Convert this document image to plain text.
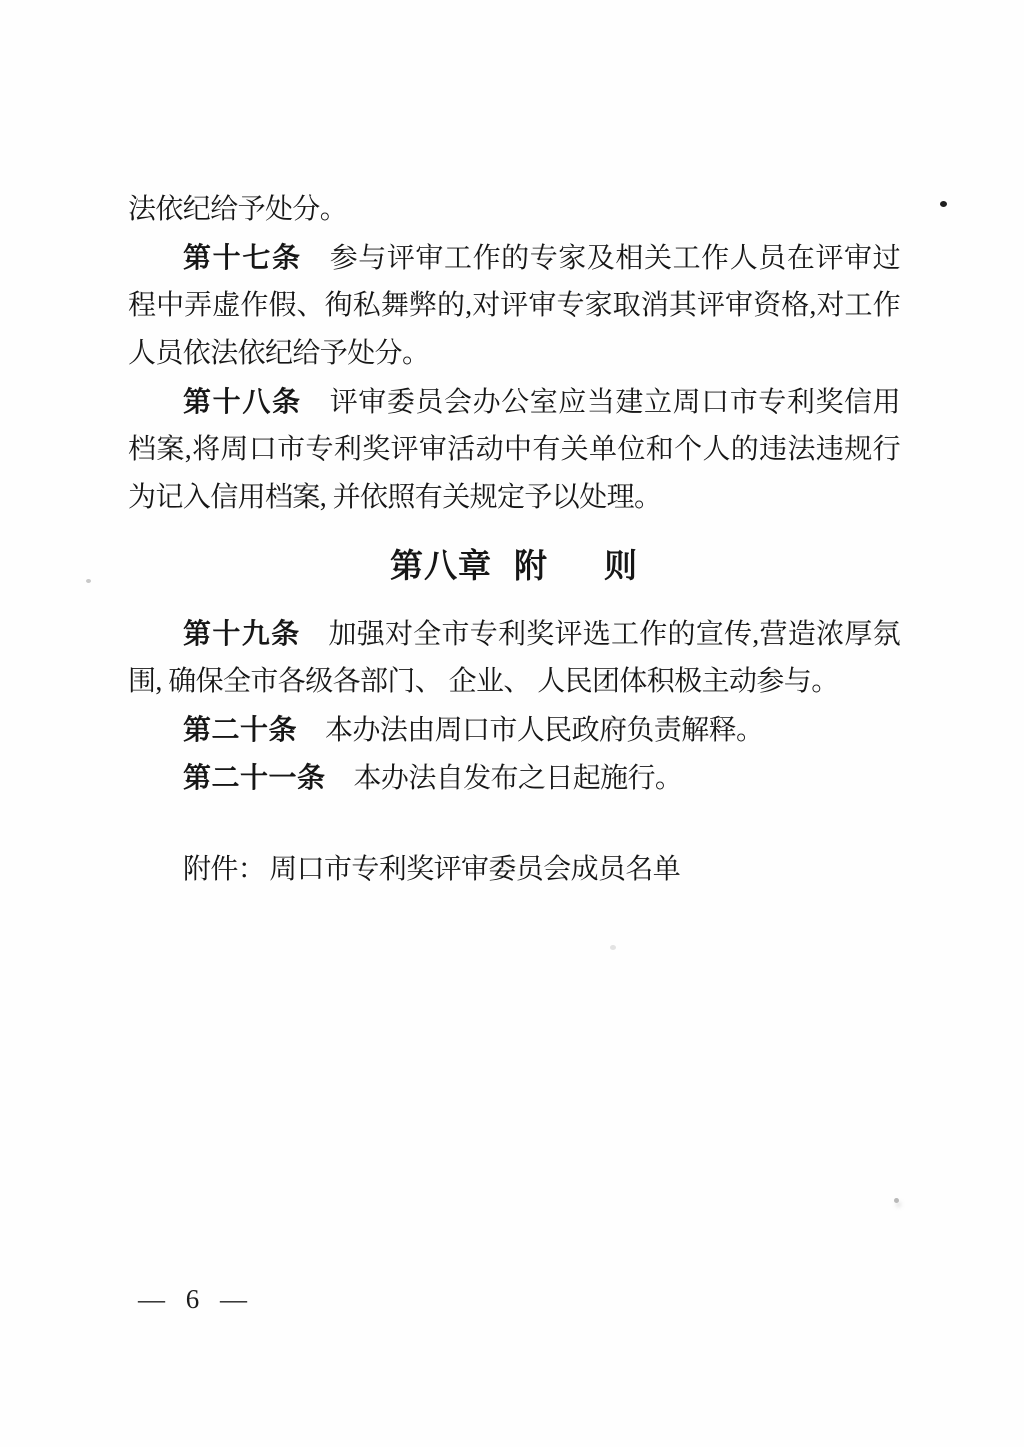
法依纪给予处分。
第十七条 参与评审工作的专家及相关工作人员在评审过
程中弄虚作假、徇私舞弊的,对评审专家取消其评审资格,对工作
人员依法依纪给予处分。
第十八条 评审委员会办公室应当建立周口市专利奖信用
档案,将周口市专利奖评审活动中有关单位和个人的违法违规行
为记入信用档案, 并依照有关规定予以处理。
第八章 附 则
第十九条 加强对全市专利奖评选工作的宣传,营造浓厚氛
围, 确保全市各级各部门、 企业、 人民团体积极主动参与。
第二十条 本办法由周口市人民政府负责解释。
第二十一条 本办法自发布之日起施行。
附件： 周口市专利奖评审委员会成员名单
— 6 —
